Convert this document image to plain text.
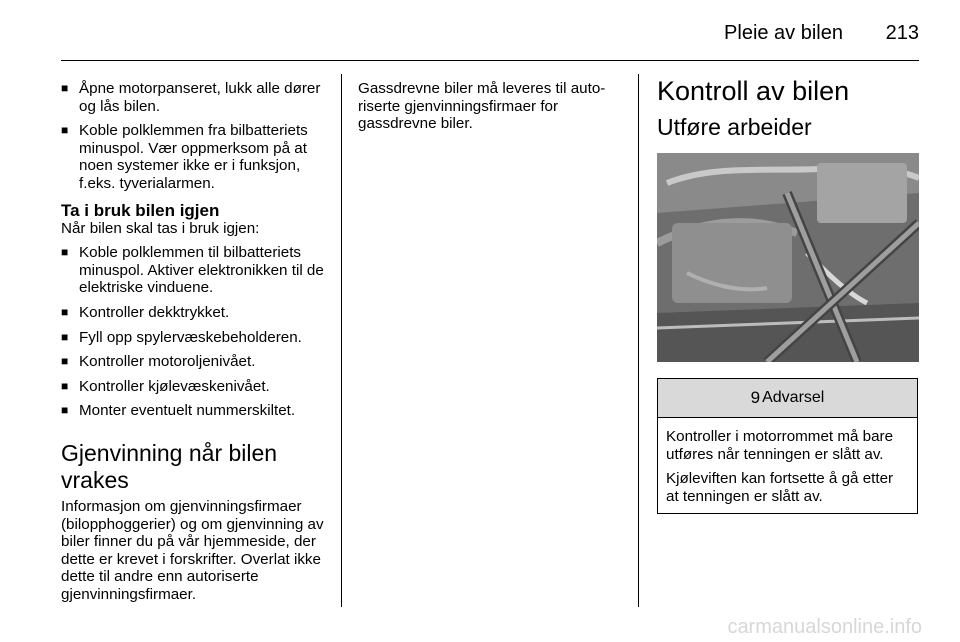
Pleie av bilen 213
■ Åpne motorpanseret, lukk alle dører og lås bilen.
■ Koble polklemmen fra bilbatteriets minuspol. Vær oppmerksom på at noen systemer ikke er i funksjon, f.eks. tyverialarmen.
Ta i bruk bilen igjen

Når bilen skal tas i bruk igjen:

■ Koble polklemmen til bilbatteriets minuspol. Aktiver elektronikken til de elektriske vinduene.
■ Kontroller dekktrykket.
■ Fyll opp spylervæskebeholderen.
■ Kontroller motoroljenivået.
■ Kontroller kjølevæskenivået.
■ Monter eventuelt nummerskiltet.
Gjenvinning når bilen vrakes

Informasjon om gjenvinningsfirmaer (bilopphoggerier) og om gjenvinning av biler finner du på vår hjemmeside, der dette er krevet i forskrifter. Overlat ikke dette til andre enn autoriserte gjenvinningsfirmaer.

Gassdrevne biler må leveres til autoriserte gjenvinningsfirmaer for gassdrevne biler.

Kontroll av bilen
Utføre arbeider
9 Advarsel

Kontroller i motorrommet må bare utføres når tenningen er slått av.

Kjøleviften kan fortsette å gå etter at tenningen er slått av.

carmanualsonline.info
